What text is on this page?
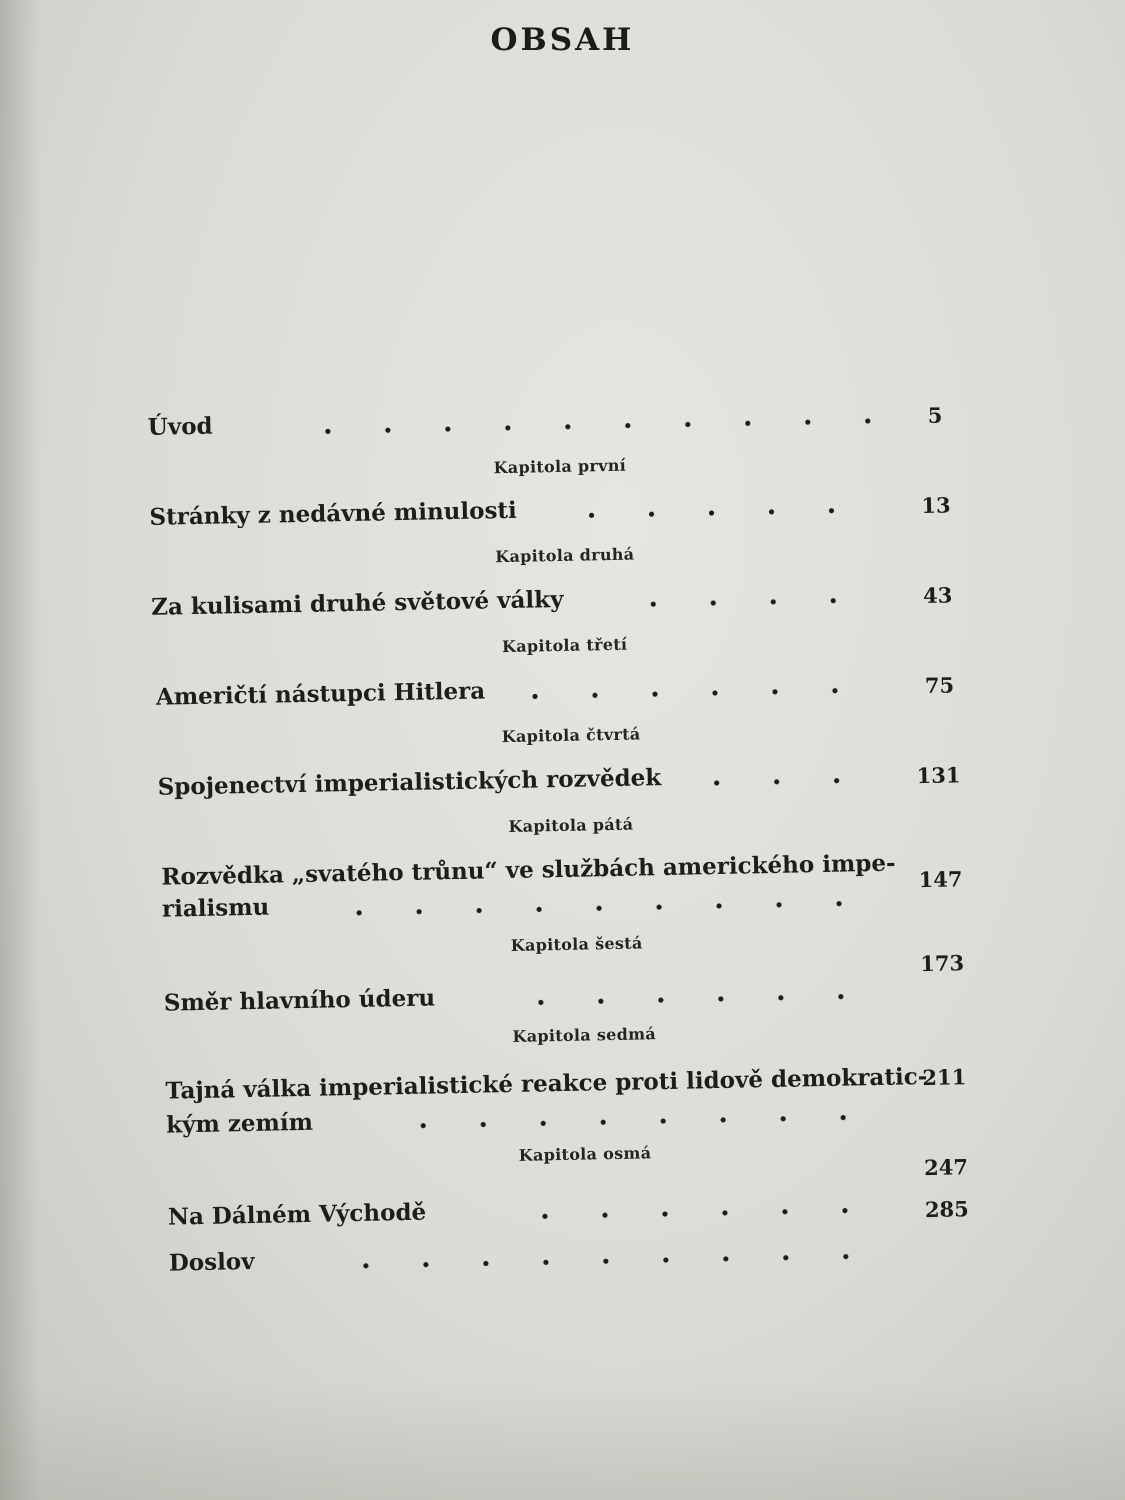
OBSAH
Úvod	5
Kapitola první
Stránky z nedávné minulosti	13
Kapitola druhá
Za kulisami druhé světové války	43
Kapitola třetí
Američtí nástupci Hitlera	75
Kapitola čtvrtá
Spojenectví imperialistických rozvědek	131
Kapitola pátá
Rozvědka „svatého trůnu“ ve službách amerického impe-
rialismu
147
Kapitola šestá
Směr hlavního úderu
173
Kapitola sedmá
Tajná válka imperialistické reakce proti lidově demokratic-
kým zemím
211
Kapitola osmá
Na Dálném Východě
247
Doslov
285
